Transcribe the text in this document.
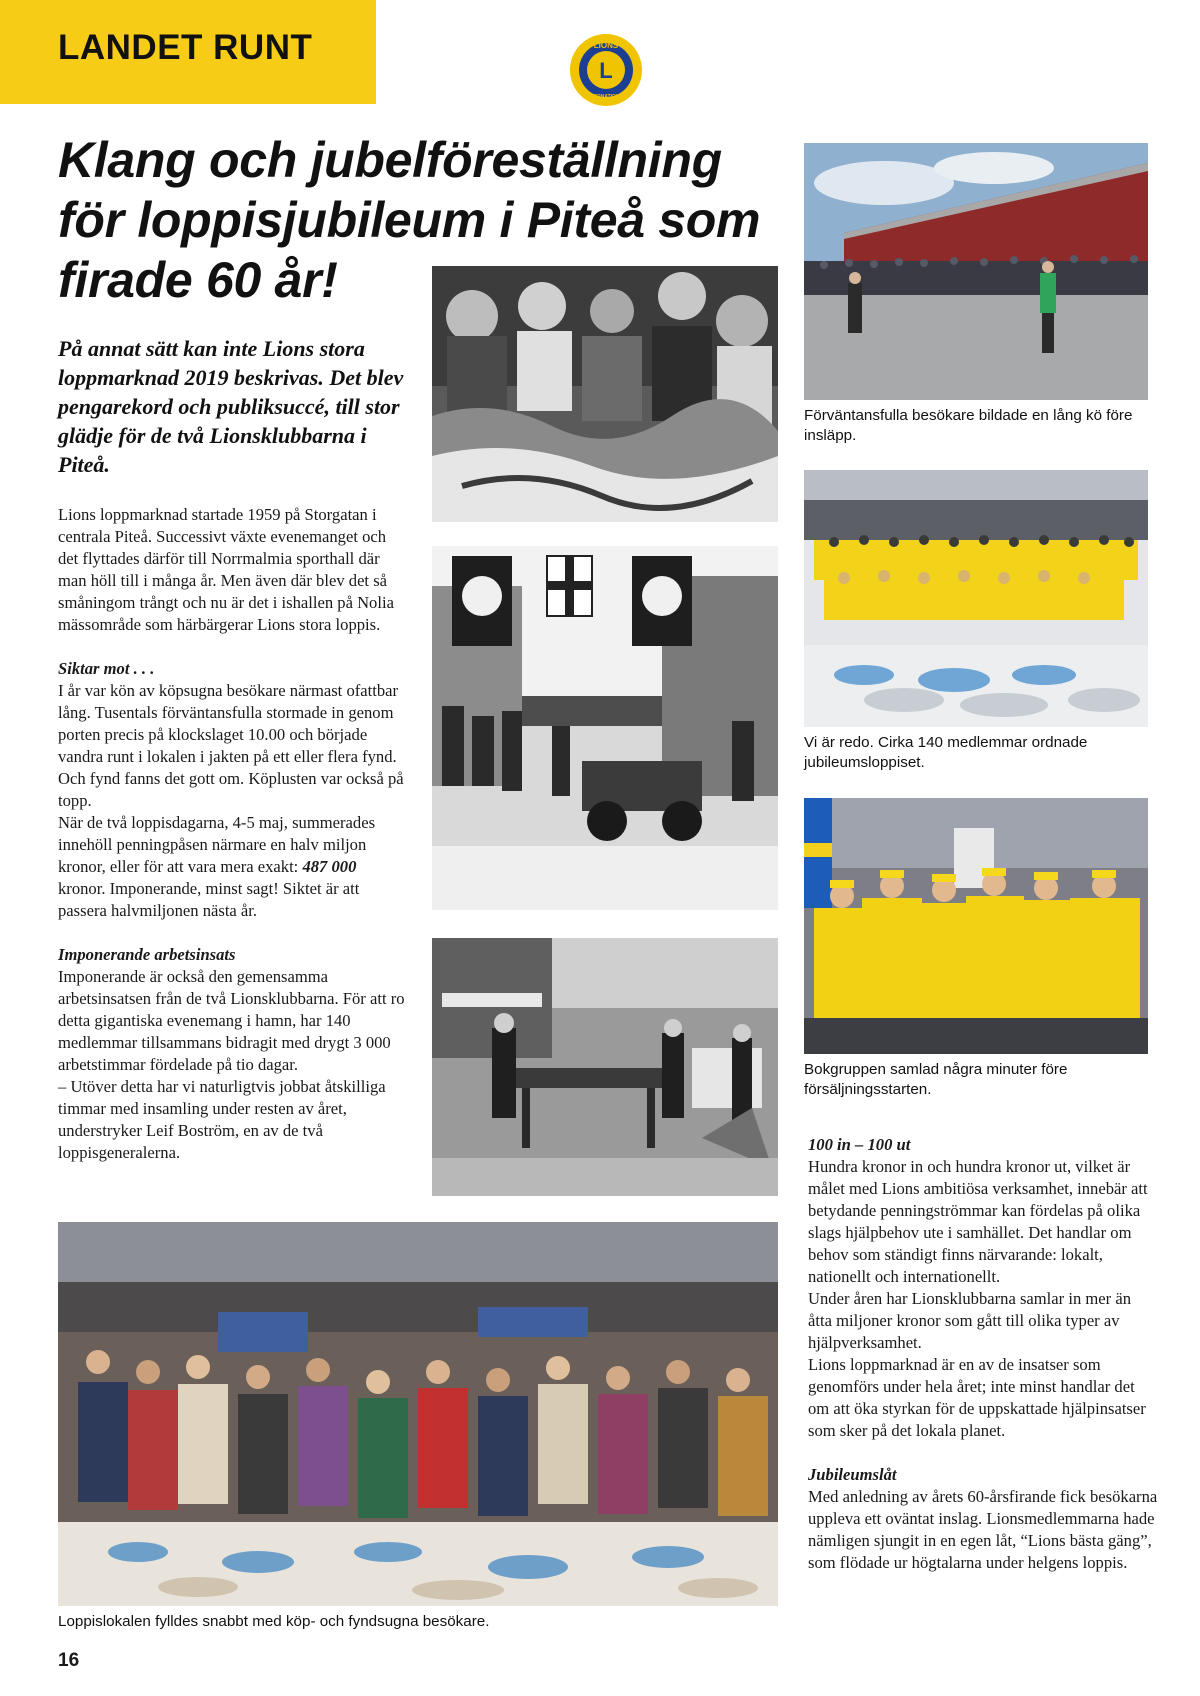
LANDET RUNT
L
LIONS
INTERNATIONAL
Klang och jubelföreställning för loppisjubileum i Piteå som firade 60 år!

På annat sätt kan inte Lions stora loppmarknad 2019 beskrivas. Det blev pengarekord och publiksuccé, till stor glädje för de två Lionsklubbarna i Piteå.

Lions loppmarknad startade 1959 på Storgatan i centrala Piteå. Successivt växte evenemanget och det flyttades därför till Norrmalmia sporthall där man höll till i många år. Men även där blev det så småningom trångt och nu är det i ishallen på Nolia mässområde som härbärgerar Lions stora loppis.

Siktar mot . . .
I år var kön av köpsugna besökare närmast ofattbar lång. Tusentals förväntansfulla stormade in genom porten precis på klockslaget 10.00 och började vandra runt i lokalen i jakten på ett eller flera fynd. Och fynd fanns det gott om. Köplusten var också på topp.
När de två loppisdagarna, 4-5 maj, summerades innehöll penningpåsen närmare en halv miljon kronor, eller för att vara mera exakt: 487 000 kronor. Imponerande, minst sagt! Siktet är att passera halvmiljonen nästa år.

Imponerande arbetsinsats
Imponerande är också den gemensamma arbetsinsatsen från de två Lionsklubbarna. För att ro detta gigantiska evenemang i hamn, har 140 medlemmar tillsammans bidragit med drygt 3 000 arbetstimmar fördelade på tio dagar.
– Utöver detta har vi naturligtvis jobbat åtskilliga timmar med insamling under resten av året, understryker Leif Boström, en av de två loppisgeneralerna.	100 in – 100 ut
Hundra kronor in och hundra kronor ut, vilket är målet med Lions ambitiösa verksamhet, innebär att betydande penningströmmar kan fördelas på olika slags hjälpbehov ute i samhället. Det handlar om behov som ständigt finns närvarande: lokalt, nationellt och internationellt.
Under åren har Lionsklubbarna samlar in mer än åtta miljoner kronor som gått till olika typer av hjälpverksamhet.
Lions loppmarknad är en av de insatser som genomförs under hela året; inte minst handlar det om att öka styrkan för de uppskattade hjälpinsatser som sker på det lokala planet.

Jubileumslåt
Med anledning av årets 60-årsfirande fick besökarna uppleva ett oväntat inslag. Lionsmedlemmarna hade nämligen sjungit in en egen låt, “Lions bästa gäng”, som flödade ur högtalarna under helgens loppis.

Förväntansfulla besökare bildade en lång kö före insläpp.

Vi är redo. Cirka 140 medlemmar ordnade jubileumsloppiset.

Bokgruppen samlad några minuter före försäljningsstarten.

Loppislokalen fylldes snabbt med köp- och fyndsugna besökare.

16
